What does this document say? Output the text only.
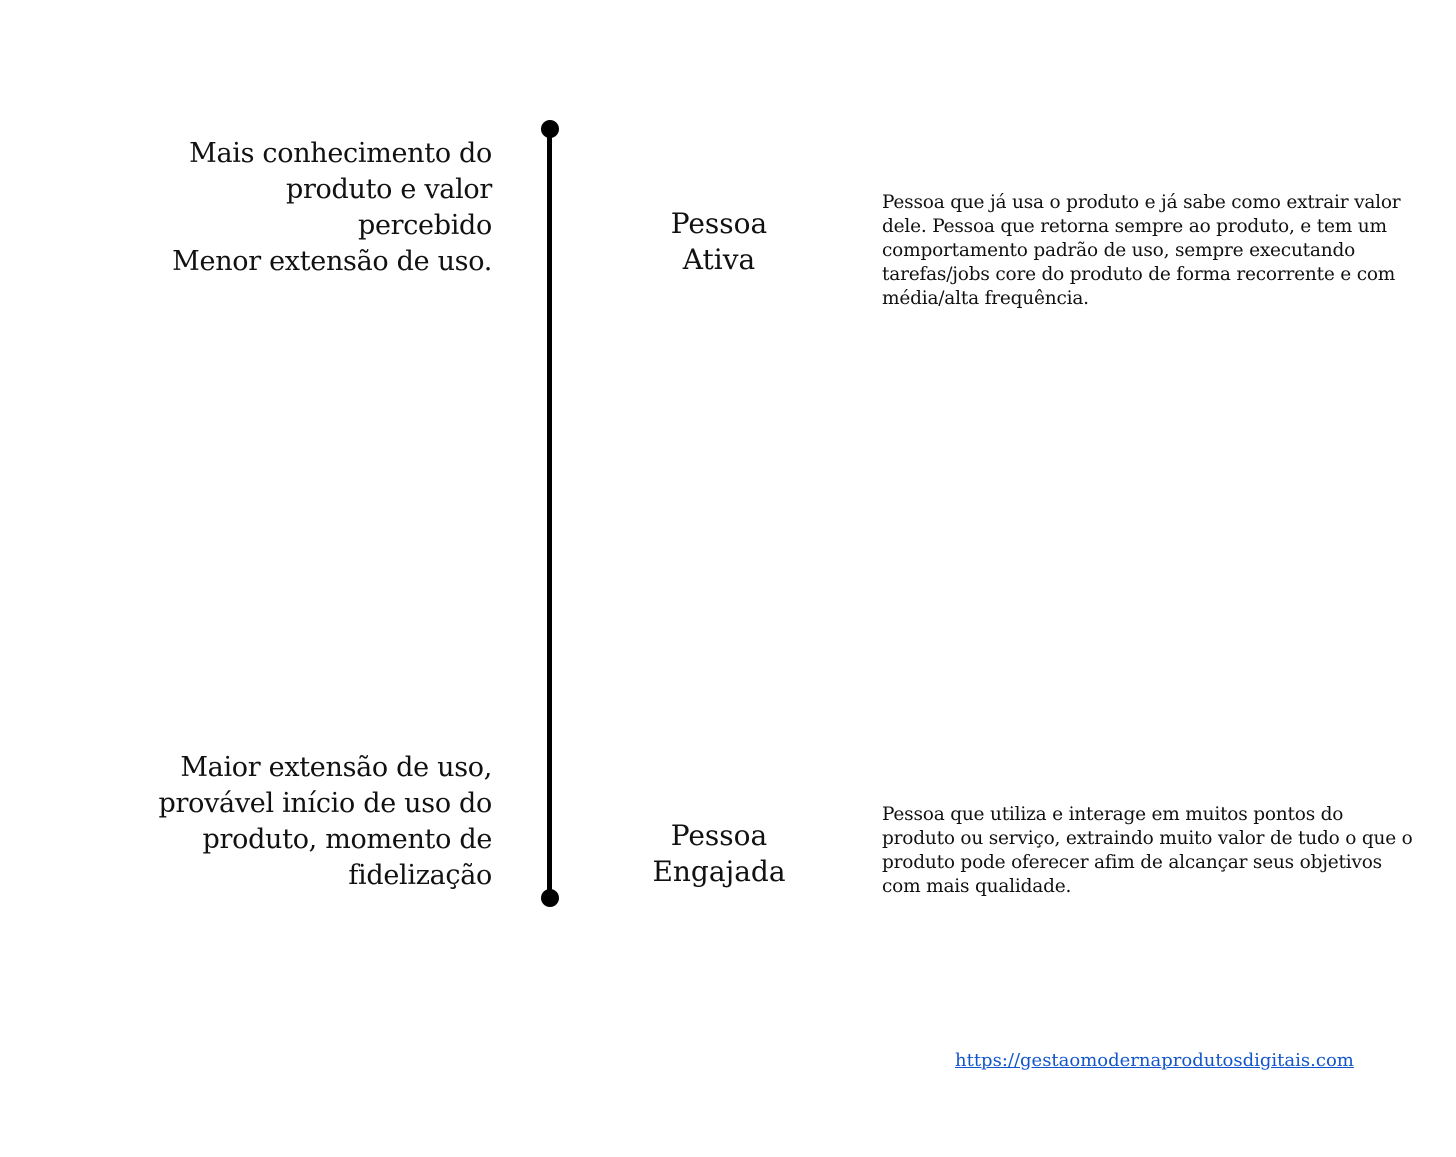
Mais conhecimento do
produto e valor
percebido
Menor extensão de uso.
Maior extensão de uso,
provável início de uso do
produto, momento de
fidelização
Pessoa
Ativa
Pessoa
Engajada
Pessoa que já usa o produto e já sabe como extrair valor dele. Pessoa que retorna sempre ao produto, e tem um comportamento padrão de uso, sempre executando tarefas/jobs core do produto de forma recorrente e com média/alta frequência.
Pessoa que utiliza e interage em muitos pontos do produto ou serviço, extraindo muito valor de tudo o que o produto pode oferecer afim de alcançar seus objetivos com mais qualidade.
https://gestaomodernaprodutosdigitais.com
